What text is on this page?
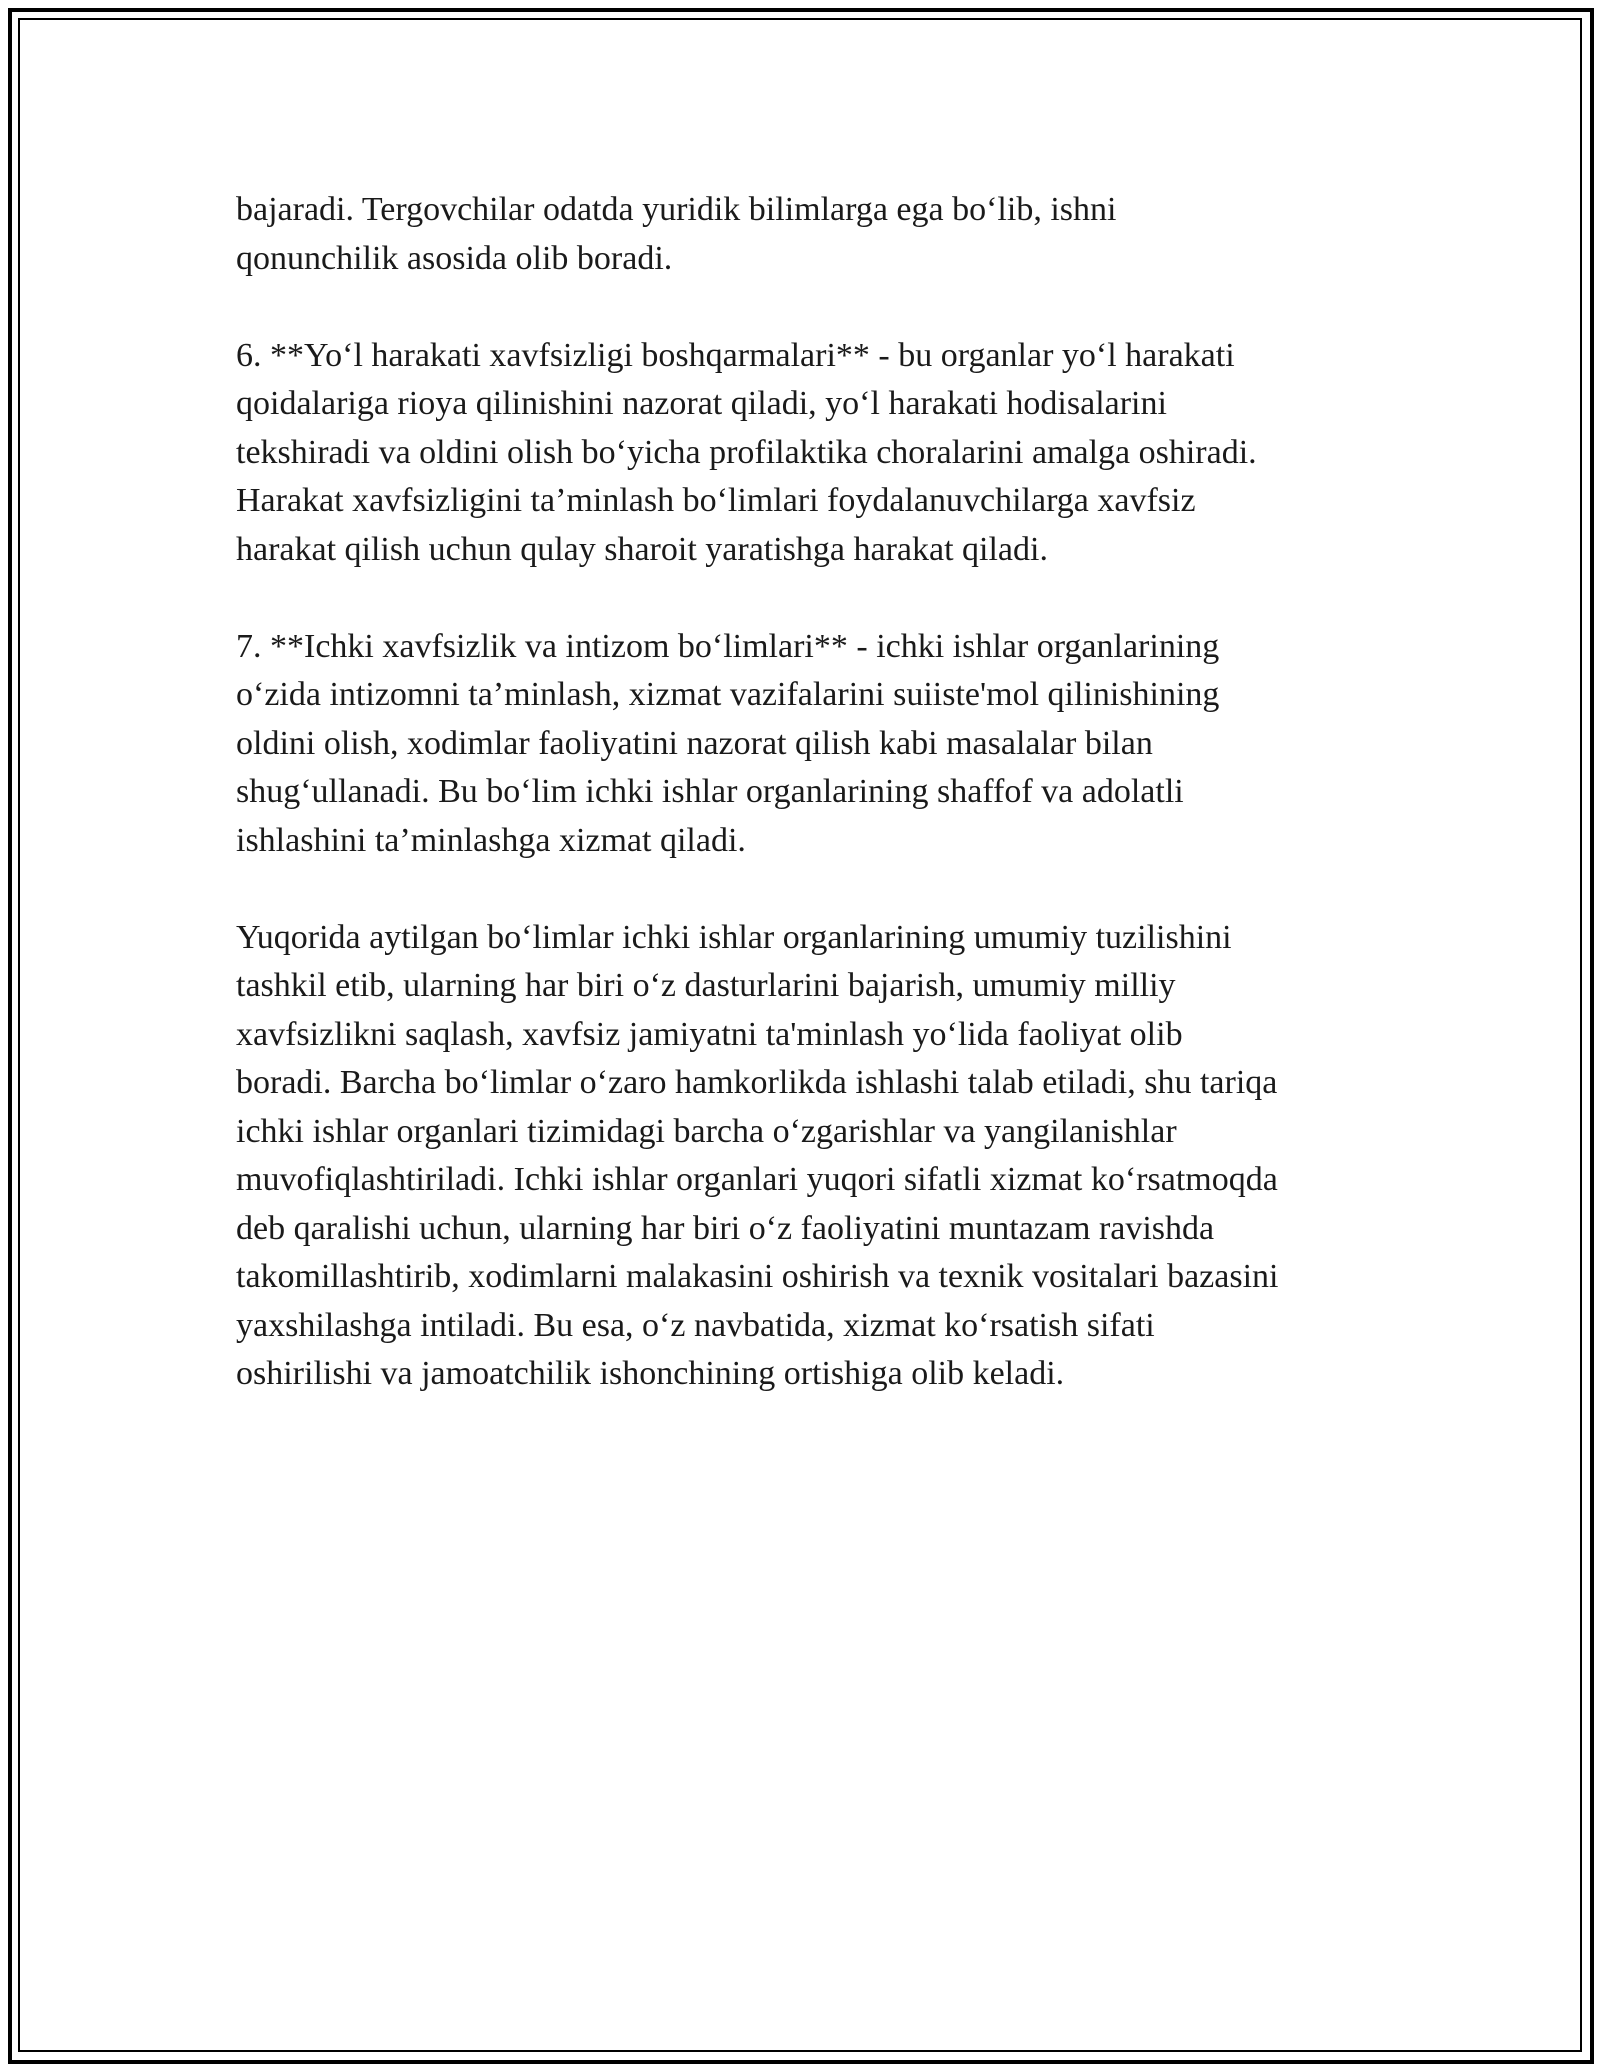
bajaradi. Tergovchilar odatda yuridik bilimlarga ega bo‘lib, ishni
qonunchilik asosida olib boradi.

6. **Yo‘l harakati xavfsizligi boshqarmalari** - bu organlar yo‘l harakati
qoidalariga rioya qilinishini nazorat qiladi, yo‘l harakati hodisalarini
tekshiradi va oldini olish bo‘yicha profilaktika choralarini amalga oshiradi.
Harakat xavfsizligini ta’minlash bo‘limlari foydalanuvchilarga xavfsiz
harakat qilish uchun qulay sharoit yaratishga harakat qiladi.

7. **Ichki xavfsizlik va intizom bo‘limlari** - ichki ishlar organlarining
o‘zida intizomni ta’minlash, xizmat vazifalarini suiiste'mol qilinishining
oldini olish, xodimlar faoliyatini nazorat qilish kabi masalalar bilan
shug‘ullanadi. Bu bo‘lim ichki ishlar organlarining shaffof va adolatli
ishlashini ta’minlashga xizmat qiladi.

Yuqorida aytilgan bo‘limlar ichki ishlar organlarining umumiy tuzilishini
tashkil etib, ularning har biri o‘z dasturlarini bajarish, umumiy milliy
xavfsizlikni saqlash, xavfsiz jamiyatni ta'minlash yo‘lida faoliyat olib
boradi. Barcha bo‘limlar o‘zaro hamkorlikda ishlashi talab etiladi, shu tariqa
ichki ishlar organlari tizimidagi barcha o‘zgarishlar va yangilanishlar
muvofiqlashtiriladi. Ichki ishlar organlari yuqori sifatli xizmat ko‘rsatmoqda
deb qaralishi uchun, ularning har biri o‘z faoliyatini muntazam ravishda
takomillashtirib, xodimlarni malakasini oshirish va texnik vositalari bazasini
yaxshilashga intiladi. Bu esa, o‘z navbatida, xizmat ko‘rsatish sifati
oshirilishi va jamoatchilik ishonchining ortishiga olib keladi.
